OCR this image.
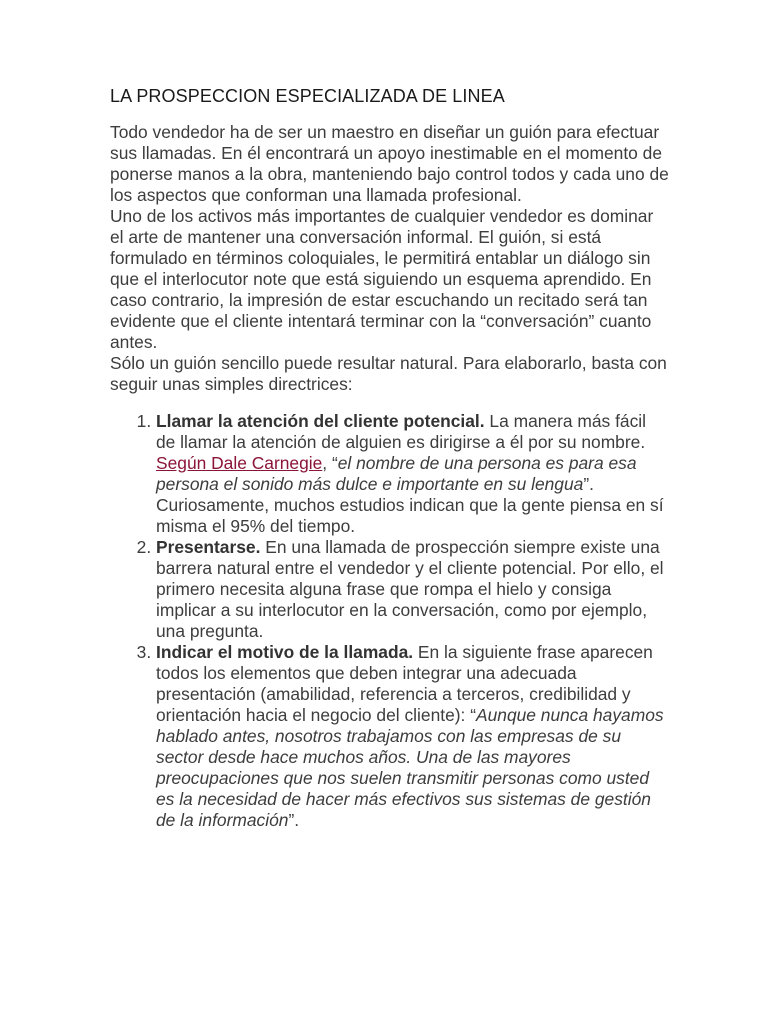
LA PROSPECCION ESPECIALIZADA DE LINEA

Todo vendedor ha de ser un maestro en diseñar un guión para efectuar sus llamadas. En él encontrará un apoyo inestimable en el momento de ponerse manos a la obra, manteniendo bajo control todos y cada uno de los aspectos que conforman una llamada profesional.

Uno de los activos más importantes de cualquier vendedor es dominar el arte de mantener una conversación informal. El guión, si está formulado en términos coloquiales, le permitirá entablar un diálogo sin que el interlocutor note que está siguiendo un esquema aprendido. En caso contrario, la impresión de estar escuchando un recitado será tan evidente que el cliente intentará terminar con la “conversación” cuanto antes.

Sólo un guión sencillo puede resultar natural. Para elaborarlo, basta con seguir unas simples directrices:

1. Llamar la atención del cliente potencial. La manera más fácil de llamar la atención de alguien es dirigirse a él por su nombre. Según Dale Carnegie, “el nombre de una persona es para esa persona el sonido más dulce e importante en su lengua”. Curiosamente, muchos estudios indican que la gente piensa en sí misma el 95% del tiempo.
2. Presentarse. En una llamada de prospección siempre existe una barrera natural entre el vendedor y el cliente potencial. Por ello, el primero necesita alguna frase que rompa el hielo y consiga implicar a su interlocutor en la conversación, como por ejemplo, una pregunta.
3. Indicar el motivo de la llamada. En la siguiente frase aparecen todos los elementos que deben integrar una adecuada presentación (amabilidad, referencia a terceros, credibilidad y orientación hacia el negocio del cliente): “Aunque nunca hayamos hablado antes, nosotros trabajamos con las empresas de su sector desde hace muchos años. Una de las mayores preocupaciones que nos suelen transmitir personas como usted es la necesidad de hacer más efectivos sus sistemas de gestión de la información”.
